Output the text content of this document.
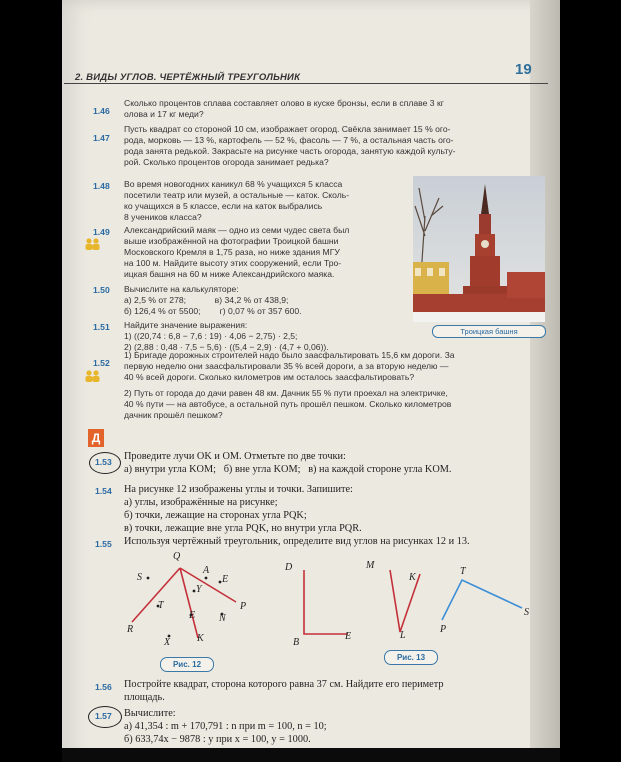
2. ВИДЫ УГЛОВ. ЧЕРТЁЖНЫЙ ТРЕУГОЛЬНИК	19
1.46
Сколько процентов сплава составляет олово в куске бронзы, если в сплаве 3 кг
олова и 17 кг меди?
1.47
Пусть квадрат со стороной 10 см, изображает огород. Свёкла занимает 15 % ого-
рода, морковь — 13 %, картофель — 52 %, фасоль — 7 %, а остальная часть ого-
рода занята редькой. Закрасьте на рисунке часть огорода, занятую каждой культу-
рой. Сколько процентов огорода занимает редька?
1.48 Во время новогодних каникул 68 % учащихся 5 класса
посетили театр или музей, а остальные — каток. Сколь-
ко учащихся в 5 классе, если на каток выбрались
8 учеников класса?
1.49 Александрийский маяк — одно из семи чудес света был
выше изображённой на фотографии Троицкой башни
Московского Кремля в 1,75 раза, но ниже здания МГУ
на 100 м. Найдите высоту этих сооружений, если Тро-
ицкая башня на 60 м ниже Александрийского маяка.
1.50 Вычислите на калькуляторе:
а) 2,5 % от 278;            в) 34,2 % от 438,9;
б) 126,4 % от 5500;        г) 0,07 % от 357 600.
1.51 Найдите значение выражения:
1) ((20,74 : 6,8 − 7,6 : 19) · 4,06 − 2,75) · 2,5;
2) (2,88 : 0,48 · 7,5 − 5,6) · ((5,4 − 2,9) · (4,7 + 0,06)).
1.52
1) Бригаде дорожных строителей надо было заасфальтировать 15,6 км дороги. За
первую неделю они заасфальтировали 35 % всей дороги, а за вторую неделю —
40 % всей дороги. Сколько километров им осталось заасфальтировать?
2) Путь от города до дачи равен 48 км. Дачник 55 % пути проехал на электричке,
40 % пути — на автобусе, а остальной путь прошёл пешком. Сколько километров
дачник прошёл пешком?
Троицкая башня
Д
1.53 Проведите лучи OK и OM. Отметьте по две точки:
а) внутри угла KOM;   б) вне угла KOM;   в) на каждой стороне угла KOM.
1.54 На рисунке 12 изображены углы и точки. Запишите:
а) углы, изображённые на рисунке;
б) точки, лежащие на сторонах угла PQK;
в) точки, лежащие вне угла PQK, но внутри угла PQR.
1.55 Используя чертёжный треугольник, определите вид углов на рисунках 12 и 13.
Q
S
A
E
Y
T	P
R
E N
X	K
Рис. 12
D
B
E
M
K
L
T
S
P
Рис. 13
1.56 Постройте квадрат, сторона которого равна 37 см. Найдите его периметр
площадь.
1.57 Вычислите:
а) 41,354 : m + 170,791 : n при m = 100, n = 10;
б) 633,74x − 9878 : y при x = 100, y = 1000.
